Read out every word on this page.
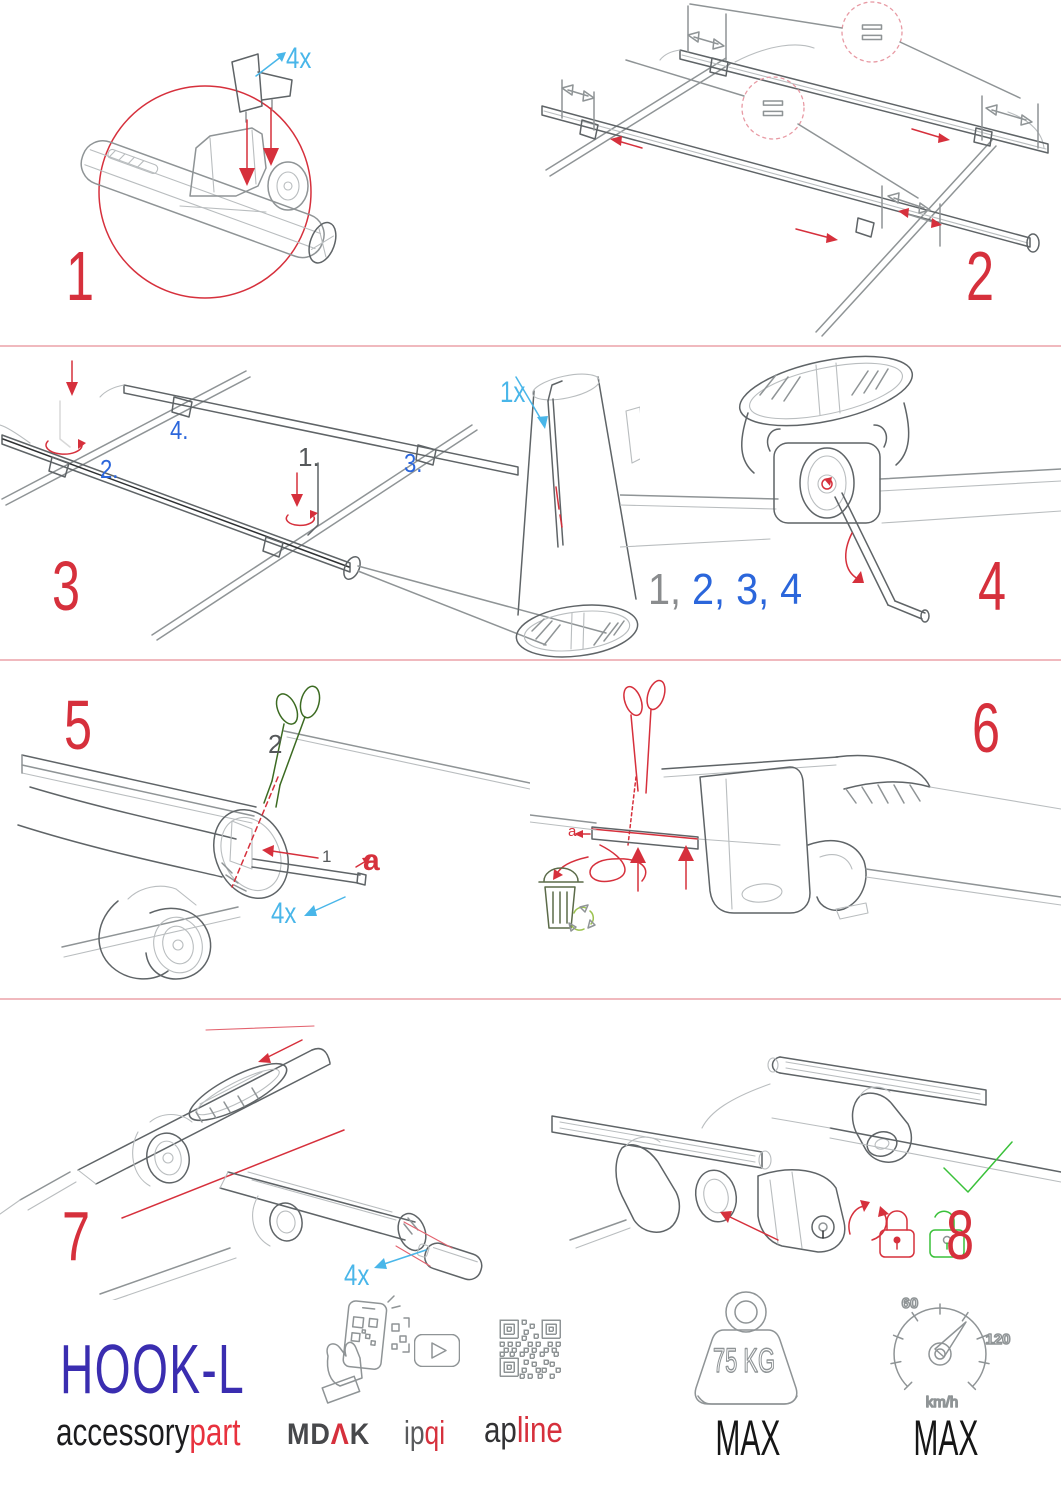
4x
1
=
=
2
1x
1.
2.	3.
4.
3	1, 2, 3, 4	4
2
1 a
4x
5
a
6
4x
7	8
HOOK-L
accessorypart MDΛK ipqi apline
75 KG
MAX
60
120
km/h
MAX
